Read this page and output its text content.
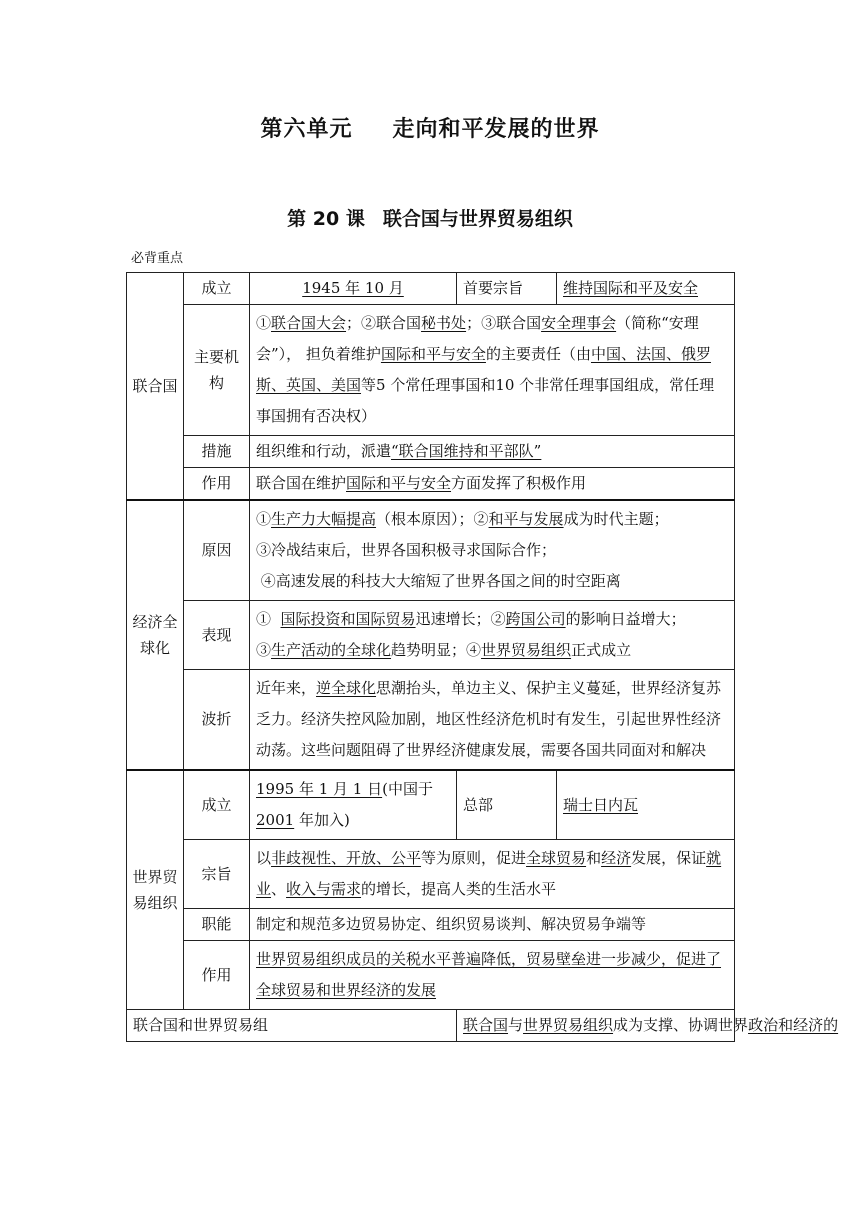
第六单元 走向和平发展的世界
第 20 课 联合国与世界贸易组织
必背重点
联合国	成立	1945 年 10 月	首要宗旨	维持国际和平及安全
	主要机构	①联合国大会；②联合国秘书处；③联合国安全理事会（简称“安理会”）， 担负着维护国际和平与安全的主要责任（由中国、法国、俄罗斯、英国、美国等5 个常任理事国和10 个非常任理事国组成，常任理事国拥有否决权）		
	措施	组织维和行动，派遣“联合国维持和平部队”		
	作用	联合国在维护国际和平与安全方面发挥了积极作用		
经济全球化	原因	①生产力大幅提高（根本原因）；②和平与发展成为时代主题；
③冷战结束后，世界各国积极寻求国际合作；
④高速发展的科技大大缩短了世界各国之间的时空距离		

	表现	①  国际投资和国际贸易迅速增长；②跨国公司的影响日益增大；
③生产活动的全球化趋势明显；④世界贸易组织正式成立		

	波折	近年来，逆全球化思潮抬头，单边主义、保护主义蔓延，世界经济复苏乏力。经济失控风险加剧，地区性经济危机时有发生，引起世界性经济动荡。这些问题阻碍了世界经济健康发展，需要各国共同面对和解决		
世界贸易组织	成立	1995 年 1 月 1 日(中国于2001 年加入)	总部	瑞士日内瓦
	宗旨	以非歧视性、开放、公平等为原则，促进全球贸易和经济发展，保证就业、收入与需求的增长，提高人类的生活水平		
	职能	制定和规范多边贸易协定、组织贸易谈判、解决贸易争端等		
	作用	世界贸易组织成员的关税水平普遍降低，贸易壁垒进一步减少，促进了全球贸易和世界经济的发展		
联合国和世界贸易组			联合国与世界贸易组织成为支撑、协调世界政治和经济的	
